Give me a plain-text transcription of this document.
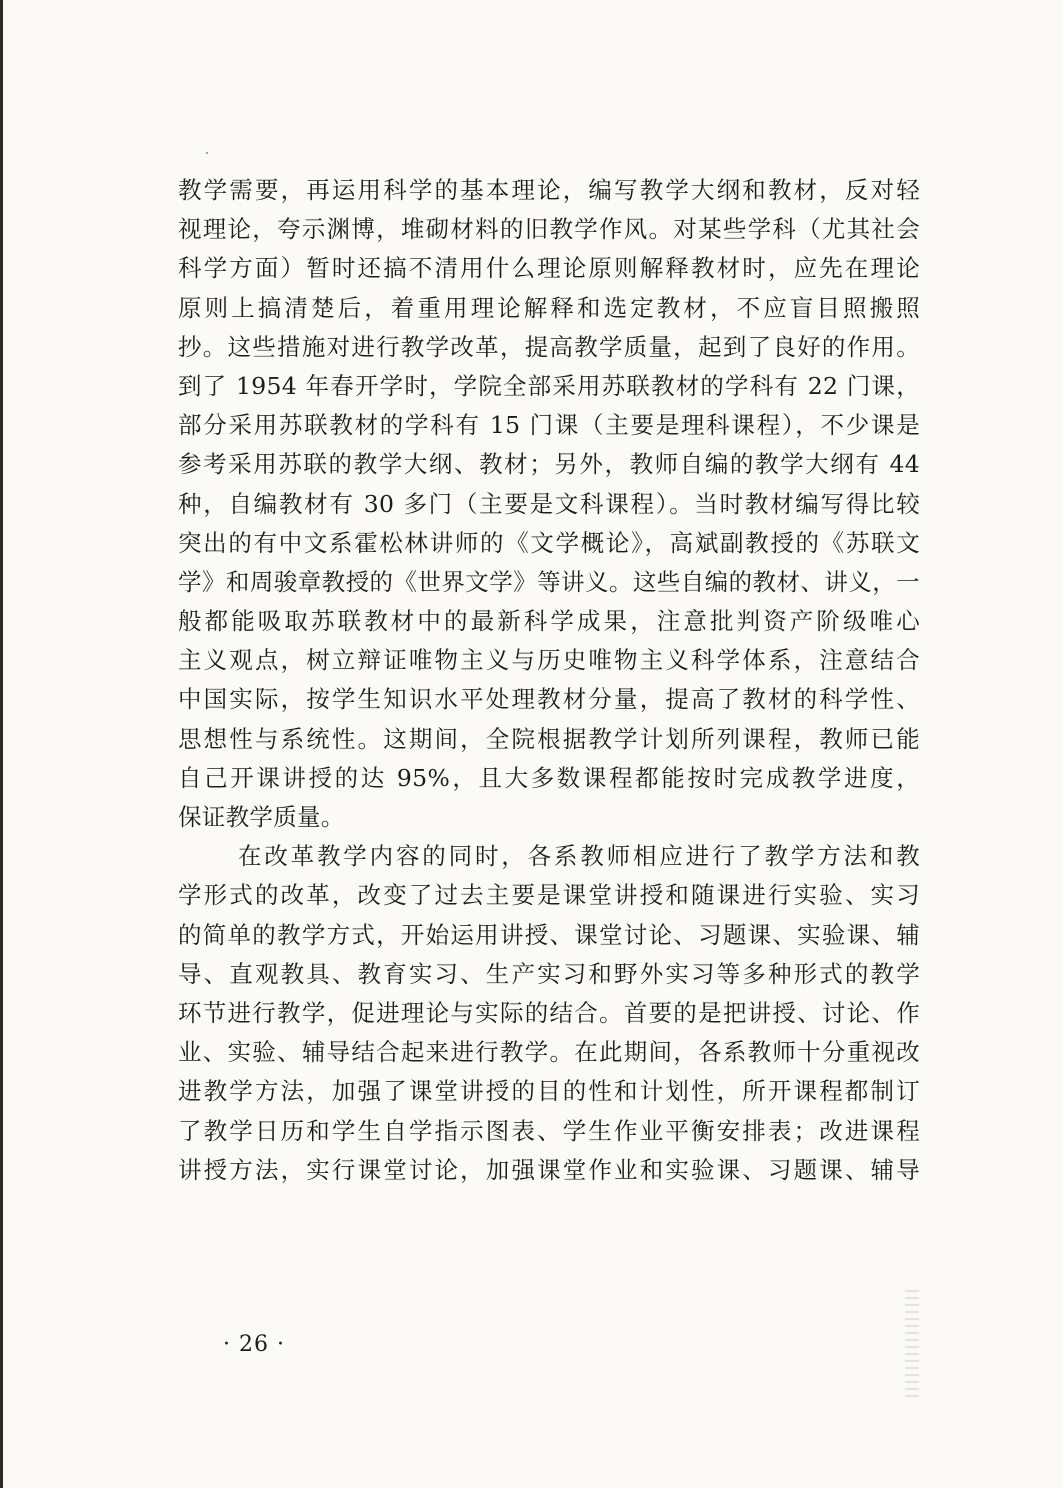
教学需要，再运用科学的基本理论，编写教学大纲和教材，反对轻
视理论，夸示渊博，堆砌材料的旧教学作风。对某些学科（尤其社会
科学方面）暂时还搞不清用什么理论原则解释教材时，应先在理论
原则上搞清楚后，着重用理论解释和选定教材，不应盲目照搬照
抄。这些措施对进行教学改革，提高教学质量，起到了良好的作用。
到了 1954 年春开学时，学院全部采用苏联教材的学科有 22 门课，
部分采用苏联教材的学科有 15 门课（主要是理科课程），不少课是
参考采用苏联的教学大纲、教材；另外，教师自编的教学大纲有 44
种，自编教材有 30 多门（主要是文科课程）。当时教材编写得比较
突出的有中文系霍松林讲师的《文学概论》，高斌副教授的《苏联文
学》和周骏章教授的《世界文学》等讲义。这些自编的教材、讲义，一
般都能吸取苏联教材中的最新科学成果，注意批判资产阶级唯心
主义观点，树立辩证唯物主义与历史唯物主义科学体系，注意结合
中国实际，按学生知识水平处理教材分量，提高了教材的科学性、
思想性与系统性。这期间，全院根据教学计划所列课程，教师已能
自己开课讲授的达 95%，且大多数课程都能按时完成教学进度，
保证教学质量。
在改革教学内容的同时，各系教师相应进行了教学方法和教
学形式的改革，改变了过去主要是课堂讲授和随课进行实验、实习
的简单的教学方式，开始运用讲授、课堂讨论、习题课、实验课、辅
导、直观教具、教育实习、生产实习和野外实习等多种形式的教学
环节进行教学，促进理论与实际的结合。首要的是把讲授、讨论、作
业、实验、辅导结合起来进行教学。在此期间，各系教师十分重视改
进教学方法，加强了课堂讲授的目的性和计划性，所开课程都制订
了教学日历和学生自学指示图表、学生作业平衡安排表；改进课程
讲授方法，实行课堂讨论，加强课堂作业和实验课、习题课、辅导
· 26 ·
